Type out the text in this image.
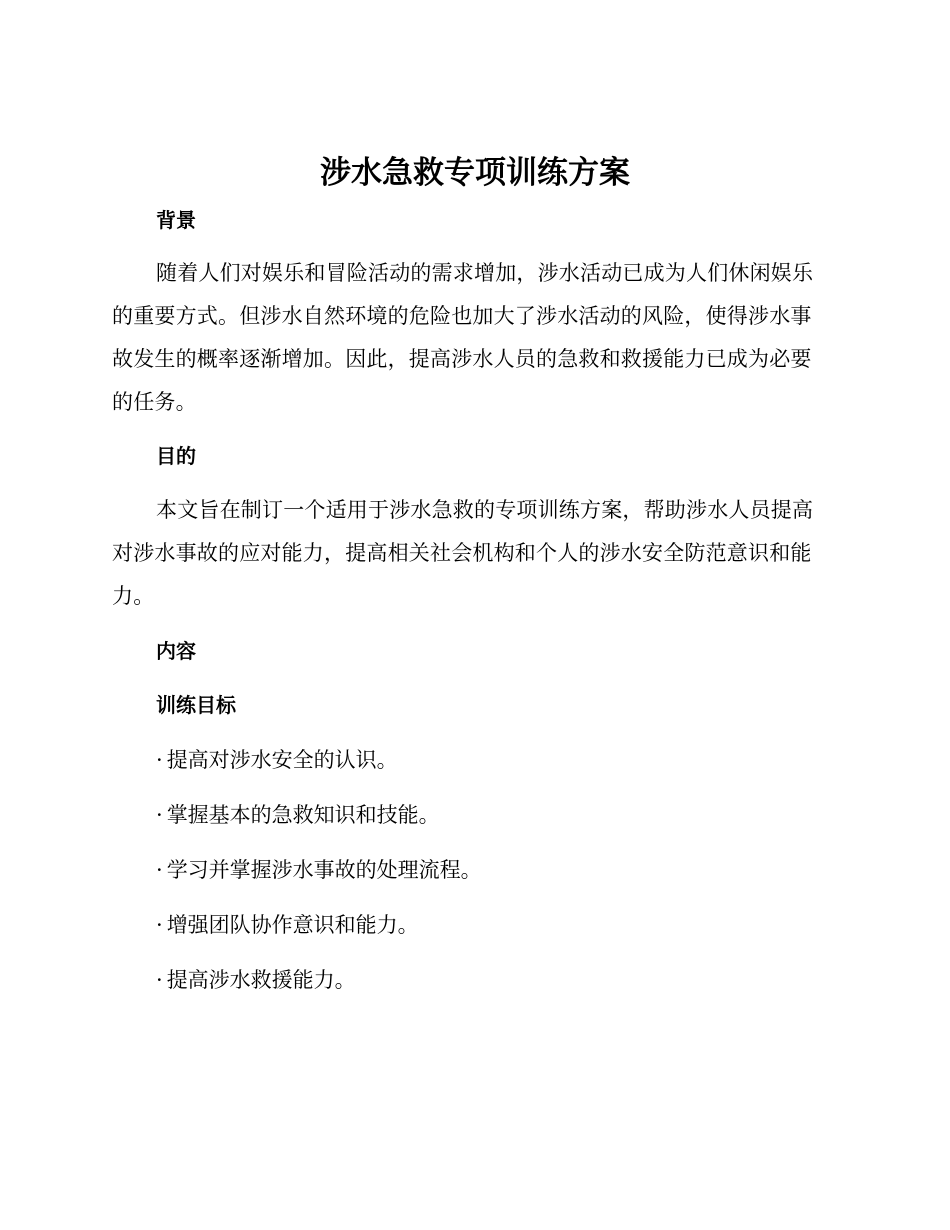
涉水急救专项训练方案
背景

随着人们对娱乐和冒险活动的需求增加，涉水活动已成为人们休闲娱乐的重要方式。但涉水自然环境的危险也加大了涉水活动的风险，使得涉水事故发生的概率逐渐增加。因此，提高涉水人员的急救和救援能力已成为必要的任务。

目的

本文旨在制订一个适用于涉水急救的专项训练方案，帮助涉水人员提高对涉水事故的应对能力，提高相关社会机构和个人的涉水安全防范意识和能力。

内容
训练目标

· 提高对涉水安全的认识。

· 掌握基本的急救知识和技能。

· 学习并掌握涉水事故的处理流程。

· 增强团队协作意识和能力。

· 提高涉水救援能力。
